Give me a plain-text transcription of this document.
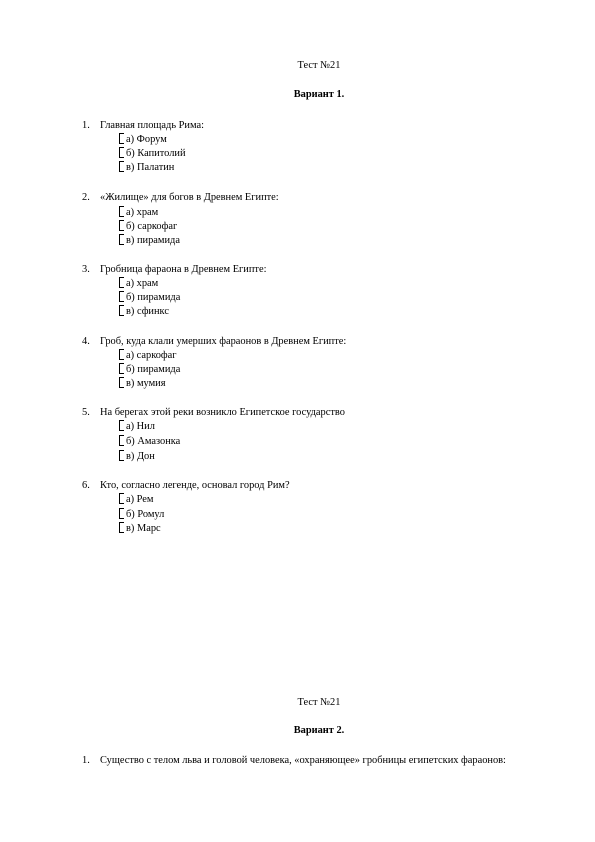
Тест №21
Вариант 1.
1. Главная площадь Рима:
а) Форум
б) Капитолий
в) Палатин
2. «Жилище» для богов в Древнем Египте:
а) храм
б) саркофаг
в) пирамида
3. Гробница фараона в Древнем Египте:
а) храм
б) пирамида
в) сфинкс
4. Гроб, куда клали умерших фараонов в Древнем Египте:
а) саркофаг
б) пирамида
в) мумия
5. На берегах этой реки возникло Египетское государство
а) Нил
б) Амазонка
в) Дон
6. Кто, согласно легенде, основал город Рим?
а) Рем
б) Ромул
в) Марс
Тест №21
Вариант 2.
1. Существо с телом льва и головой человека, «охраняющее» гробницы египетских фараонов:
